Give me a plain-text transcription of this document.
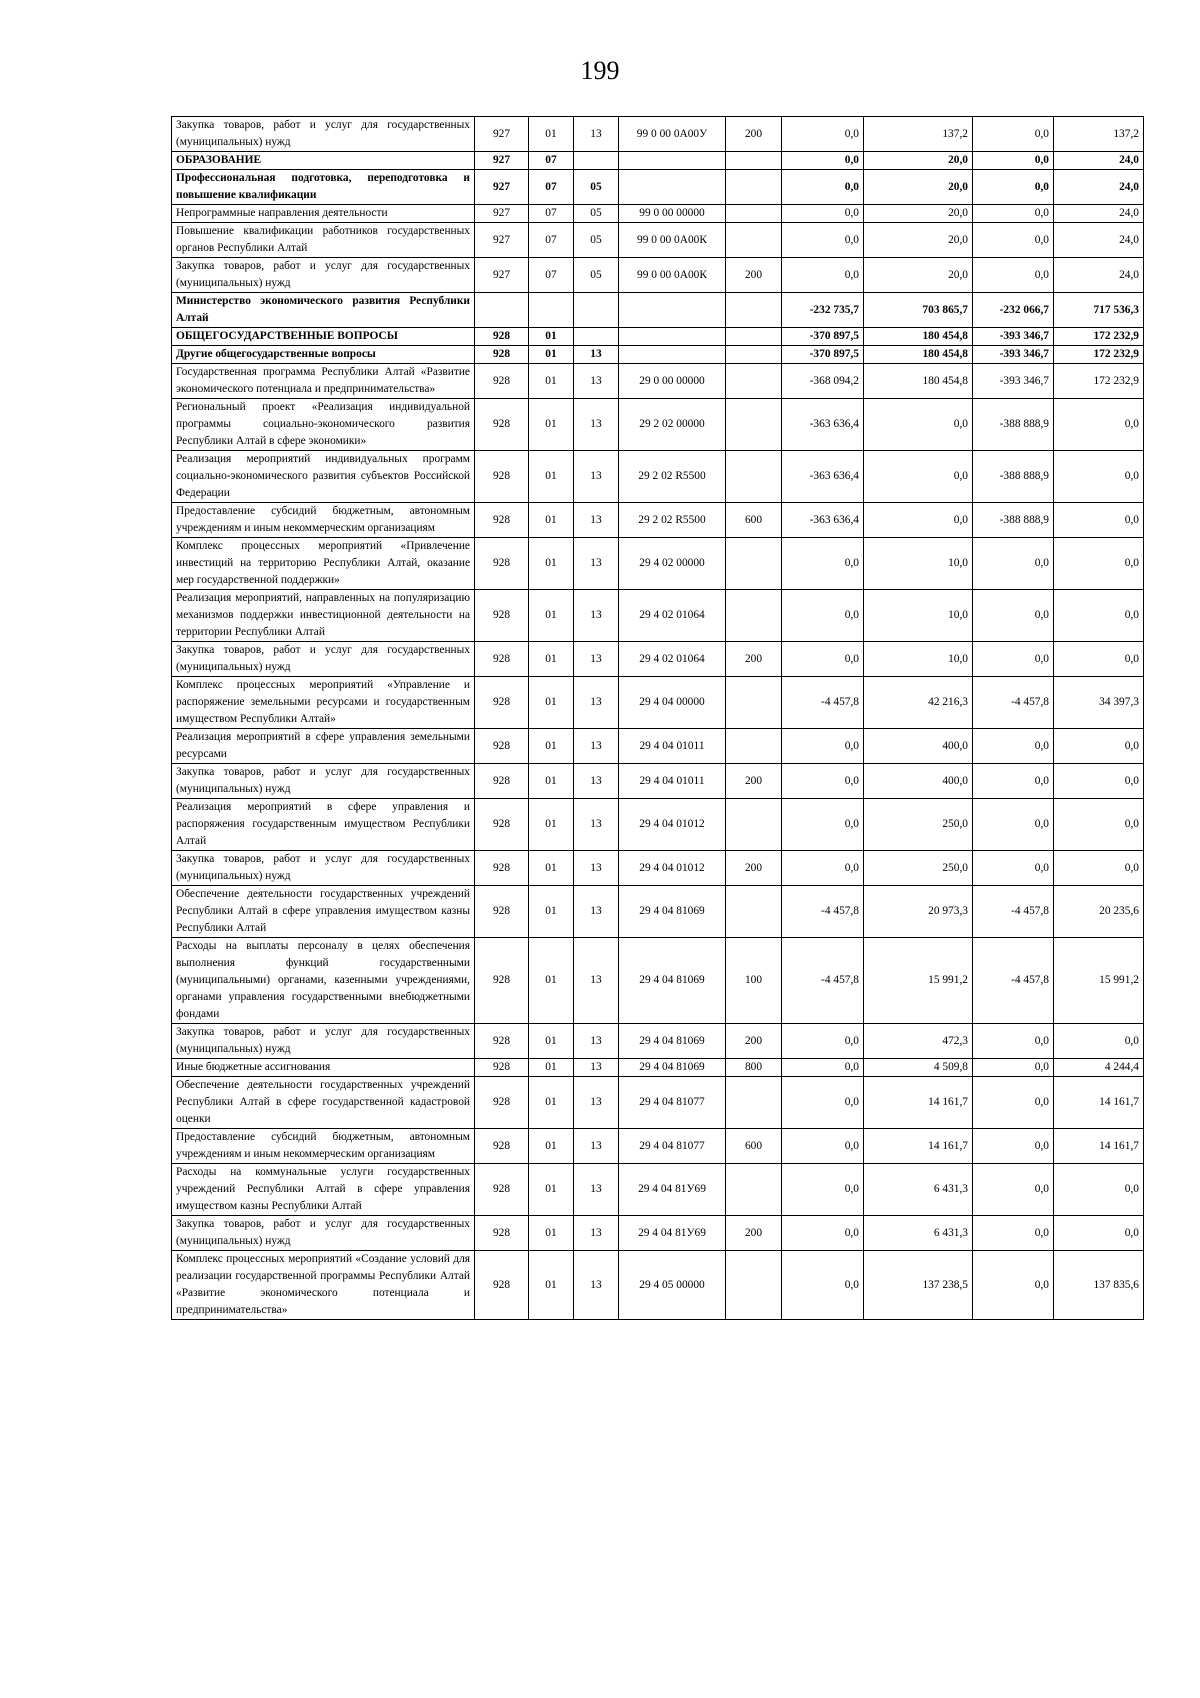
199
Закупка товаров, работ и услуг для государственных (муниципальных) нужд	927	01	13	99 0 00 0А00У	200	0,0	137,2	0,0	137,2
ОБРАЗОВАНИЕ	927	07				0,0	20,0	0,0	24,0
Профессиональная подготовка, переподготовка и повышение квалификации	927	07	05			0,0	20,0	0,0	24,0
Непрограммные направления деятельности	927	07	05	99 0 00 00000		0,0	20,0	0,0	24,0
Повышение квалификации работников государственных органов Республики Алтай	927	07	05	99 0 00 0А00К		0,0	20,0	0,0	24,0
Закупка товаров, работ и услуг для государственных (муниципальных) нужд	927	07	05	99 0 00 0А00К	200	0,0	20,0	0,0	24,0
Министерство экономического развития Республики Алтай						-232 735,7	703 865,7	-232 066,7	717 536,3
ОБЩЕГОСУДАРСТВЕННЫЕ ВОПРОСЫ	928	01				-370 897,5	180 454,8	-393 346,7	172 232,9
Другие общегосударственные вопросы	928	01	13			-370 897,5	180 454,8	-393 346,7	172 232,9
Государственная программа Республики Алтай «Развитие экономического потенциала и предпринимательства»	928	01	13	29 0 00 00000		-368 094,2	180 454,8	-393 346,7	172 232,9
Региональный проект «Реализация индивидуальной программы социально-экономического развития Республики Алтай в сфере экономики»	928	01	13	29 2 02 00000		-363 636,4	0,0	-388 888,9	0,0
Реализация мероприятий индивидуальных программ социально-экономического развития субъектов Российской Федерации	928	01	13	29 2 02 R5500		-363 636,4	0,0	-388 888,9	0,0
Предоставление субсидий бюджетным, автономным учреждениям и иным некоммерческим организациям	928	01	13	29 2 02 R5500	600	-363 636,4	0,0	-388 888,9	0,0
Комплекс процессных мероприятий «Привлечение инвестиций на территорию Республики Алтай, оказание мер государственной поддержки»	928	01	13	29 4 02 00000		0,0	10,0	0,0	0,0
Реализация мероприятий, направленных на популяризацию механизмов поддержки инвестиционной деятельности на территории Республики Алтай	928	01	13	29 4 02 01064		0,0	10,0	0,0	0,0
Закупка товаров, работ и услуг для государственных (муниципальных) нужд	928	01	13	29 4 02 01064	200	0,0	10,0	0,0	0,0
Комплекс процессных мероприятий «Управление и распоряжение земельными ресурсами и государственным имуществом Республики Алтай»	928	01	13	29 4 04 00000		-4 457,8	42 216,3	-4 457,8	34 397,3
Реализация мероприятий в сфере управления земельными ресурсами	928	01	13	29 4 04 01011		0,0	400,0	0,0	0,0
Закупка товаров, работ и услуг для государственных (муниципальных) нужд	928	01	13	29 4 04 01011	200	0,0	400,0	0,0	0,0
Реализация мероприятий в сфере управления и распоряжения государственным имуществом Республики Алтай	928	01	13	29 4 04 01012		0,0	250,0	0,0	0,0
Закупка товаров, работ и услуг для государственных (муниципальных) нужд	928	01	13	29 4 04 01012	200	0,0	250,0	0,0	0,0
Обеспечение деятельности государственных учреждений Республики Алтай в сфере управления имуществом казны Республики Алтай	928	01	13	29 4 04 81069		-4 457,8	20 973,3	-4 457,8	20 235,6
Расходы на выплаты персоналу в целях обеспечения выполнения функций государственными (муниципальными) органами, казенными учреждениями, органами управления государственными внебюджетными фондами	928	01	13	29 4 04 81069	100	-4 457,8	15 991,2	-4 457,8	15 991,2
Закупка товаров, работ и услуг для государственных (муниципальных) нужд	928	01	13	29 4 04 81069	200	0,0	472,3	0,0	0,0
Иные бюджетные ассигнования	928	01	13	29 4 04 81069	800	0,0	4 509,8	0,0	4 244,4
Обеспечение деятельности государственных учреждений Республики Алтай в сфере государственной кадастровой оценки	928	01	13	29 4 04 81077		0,0	14 161,7	0,0	14 161,7
Предоставление субсидий бюджетным, автономным учреждениям и иным некоммерческим организациям	928	01	13	29 4 04 81077	600	0,0	14 161,7	0,0	14 161,7
Расходы на коммунальные услуги государственных учреждений Республики Алтай в сфере управления имуществом казны Республики Алтай	928	01	13	29 4 04 81У69		0,0	6 431,3	0,0	0,0
Закупка товаров, работ и услуг для государственных (муниципальных) нужд	928	01	13	29 4 04 81У69	200	0,0	6 431,3	0,0	0,0
Комплекс процессных мероприятий «Создание условий для реализации государственной программы Республики Алтай «Развитие экономического потенциала и предпринимательства»	928	01	13	29 4 05 00000		0,0	137 238,5	0,0	137 835,6
